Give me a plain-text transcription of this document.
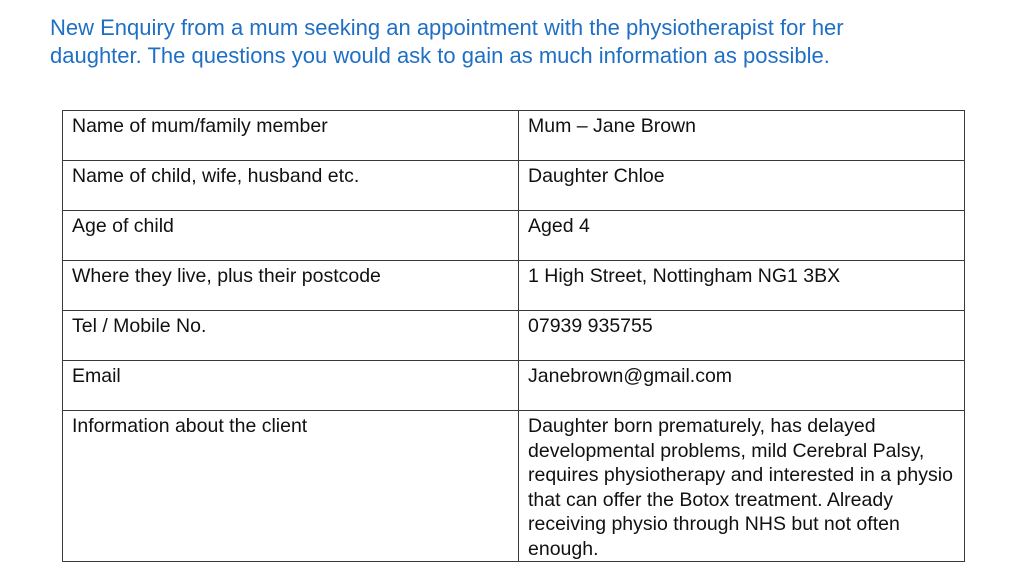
New Enquiry from a mum seeking an appointment with the physiotherapist for her
daughter. The questions you would ask to gain as much information as possible.
Name of mum/family member	Mum – Jane Brown
Name of child, wife, husband etc.	Daughter Chloe
Age of child	Aged 4
Where they live, plus their postcode	1 High Street, Nottingham NG1 3BX
Tel / Mobile No.	07939 935755
Email	Janebrown@gmail.com
Information about the client	Daughter born prematurely, has delayed developmental problems, mild Cerebral Palsy, requires physiotherapy and interested in a physio that can offer the Botox treatment. Already receiving physio through NHS but not often enough.
